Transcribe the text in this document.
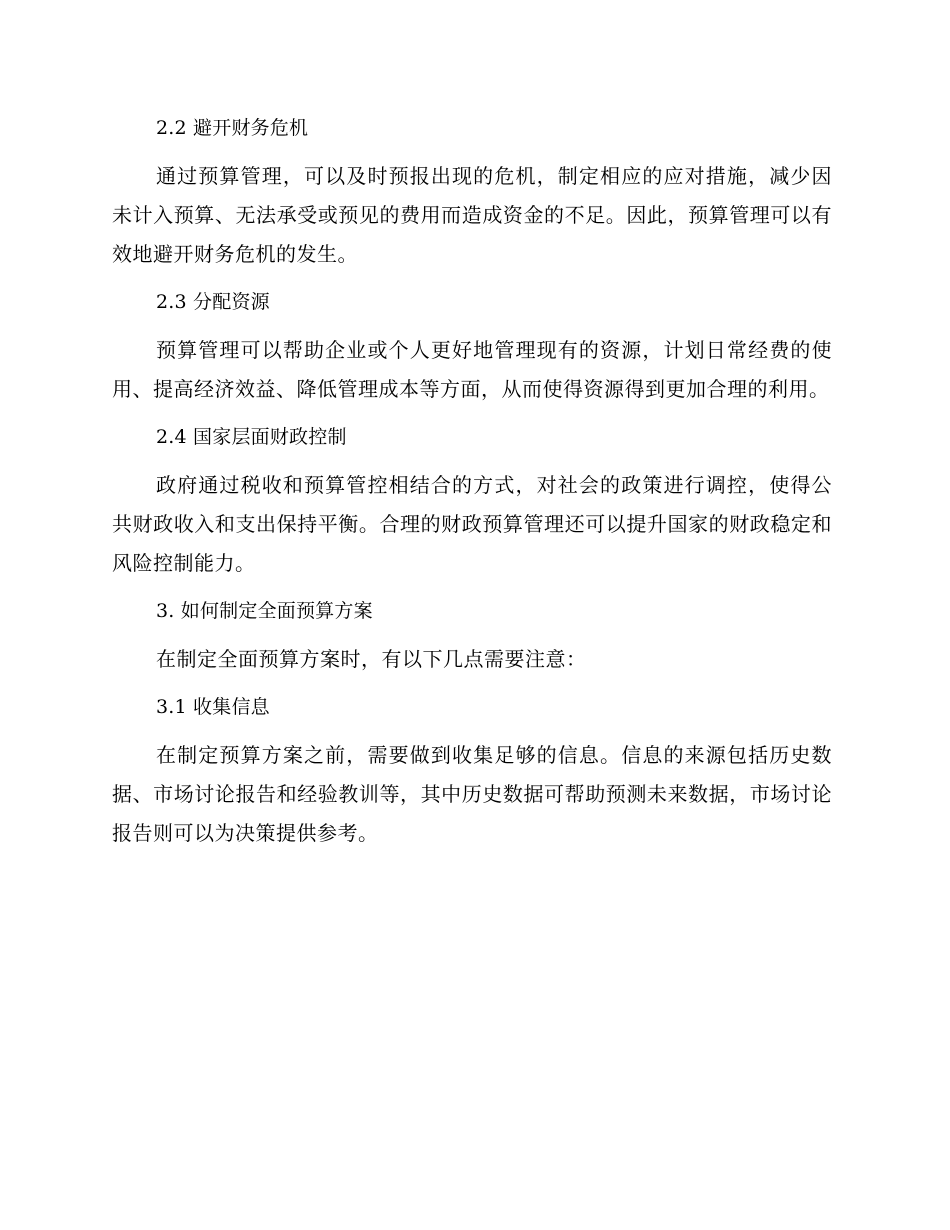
2.2 避开财务危机

通过预算管理，可以及时预报出现的危机，制定相应的应对措施，减少因未计入预算、无法承受或预见的费用而造成资金的不足。因此，预算管理可以有效地避开财务危机的发生。

2.3 分配资源

预算管理可以帮助企业或个人更好地管理现有的资源，计划日常经费的使用、提高经济效益、降低管理成本等方面，从而使得资源得到更加合理的利用。

2.4 国家层面财政控制

政府通过税收和预算管控相结合的方式，对社会的政策进行调控，使得公共财政收入和支出保持平衡。合理的财政预算管理还可以提升国家的财政稳定和风险控制能力。

3. 如何制定全面预算方案

在制定全面预算方案时，有以下几点需要注意：

3.1 收集信息

在制定预算方案之前，需要做到收集足够的信息。信息的来源包括历史数据、市场讨论报告和经验教训等，其中历史数据可帮助预测未来数据，市场讨论报告则可以为决策提供参考。
